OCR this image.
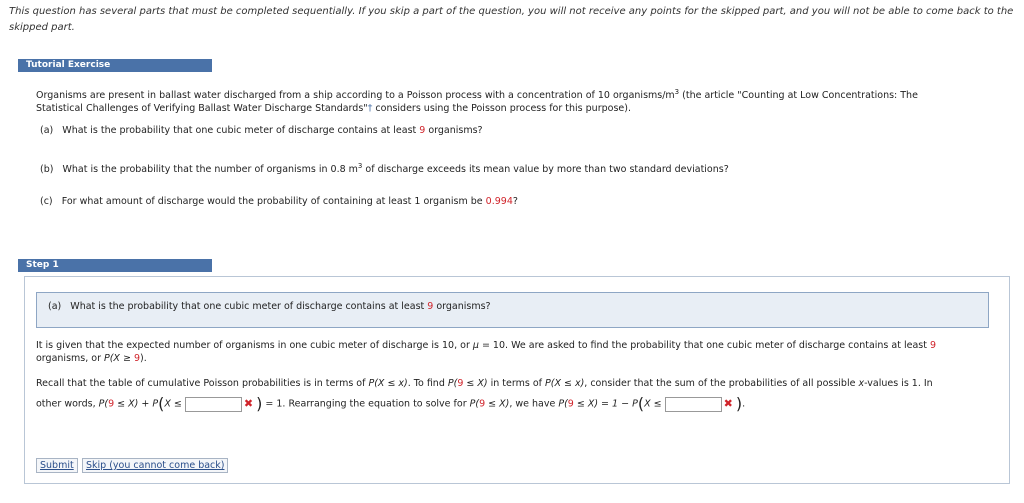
This question has several parts that must be completed sequentially. If you skip a part of the question, you will not receive any points for the skipped part, and you will not be able to come back to the skipped part.
Tutorial Exercise
Organisms are present in ballast water discharged from a ship according to a Poisson process with a concentration of 10 organisms/$m^3$ (the article "Counting at Low Concentrations: The
Statistical Challenges of Verifying Ballast Water Discharge Standards"† considers using the Poisson process for this purpose).
(a) What is the probability that one cubic meter of discharge contains at least 9 organisms?
(b) What is the probability that the number of organisms in 0.8 $m^3$ of discharge exceeds its mean value by more than two standard deviations?
(c) For what amount of discharge would the probability of containing at least 1 organism be 0.994?
Step 1
(a) What is the probability that one cubic meter of discharge contains at least 9 organisms?
It is given that the expected number of organisms in one cubic meter of discharge is 10, or μ = 10. We are asked to find the probability that one cubic meter of discharge contains at least 9
organisms, or P(X ≥ 9).
Recall that the table of cumulative Poisson probabilities is in terms of P(X ≤ x). To find P(9 ≤ X) in terms of P(X ≤ x), consider that the sum of the probabilities of all possible x-values is 1. In
other words, P(9 ≤ X) + P(X ≤	✖ ) = 1. Rearranging the equation to solve for P(9 ≤ X), we have P(9 ≤ X) = 1 − P(X ≤	✖ ).
Submit	Skip (you cannot come back)
